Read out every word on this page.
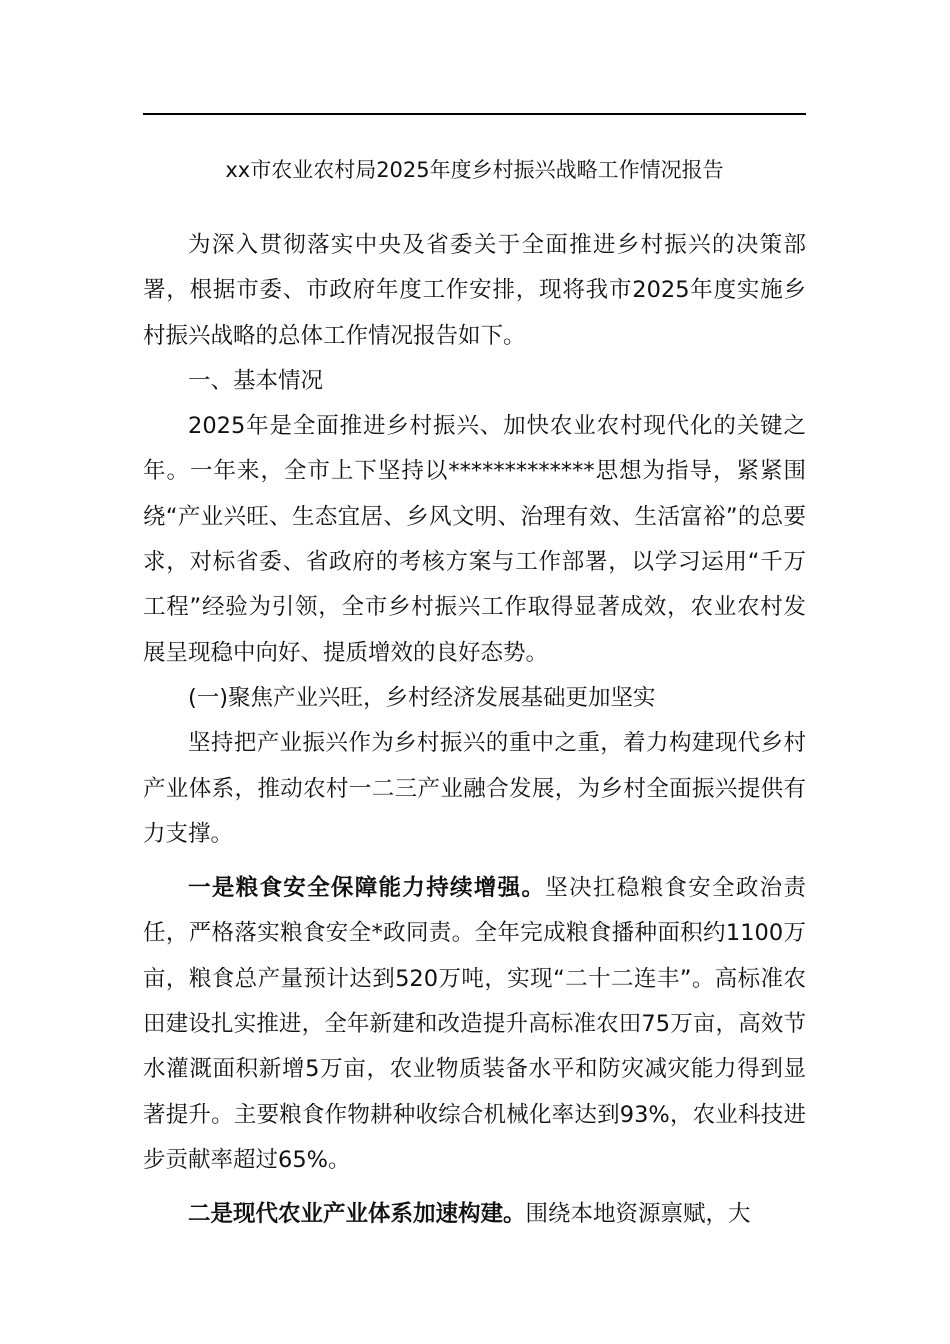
xx市农业农村局2025年度乡村振兴战略工作情况报告

为深入贯彻落实中央及省委关于全面推进乡村振兴的决策部署，根据市委、市政府年度工作安排，现将我市2025年度实施乡村振兴战略的总体工作情况报告如下。

一、基本情况

2025年是全面推进乡村振兴、加快农业农村现代化的关键之年。一年来，全市上下坚持以*************思想为指导，紧紧围绕“产业兴旺、生态宜居、乡风文明、治理有效、生活富裕”的总要求，对标省委、省政府的考核方案与工作部署，以学习运用“千万工程”经验为引领，全市乡村振兴工作取得显著成效，农业农村发展呈现稳中向好、提质增效的良好态势。

(一)聚焦产业兴旺，乡村经济发展基础更加坚实

坚持把产业振兴作为乡村振兴的重中之重，着力构建现代乡村产业体系，推动农村一二三产业融合发展，为乡村全面振兴提供有力支撑。

一是粮食安全保障能力持续增强。坚决扛稳粮食安全政治责任，严格落实粮食安全*政同责。全年完成粮食播种面积约1100万亩，粮食总产量预计达到520万吨，实现“二十二连丰”。高标准农田建设扎实推进，全年新建和改造提升高标准农田75万亩，高效节水灌溉面积新增5万亩，农业物质装备水平和防灾减灾能力得到显著提升。主要粮食作物耕种收综合机械化率达到93%，农业科技进步贡献率超过65%。

二是现代农业产业体系加速构建。围绕本地资源禀赋，大
